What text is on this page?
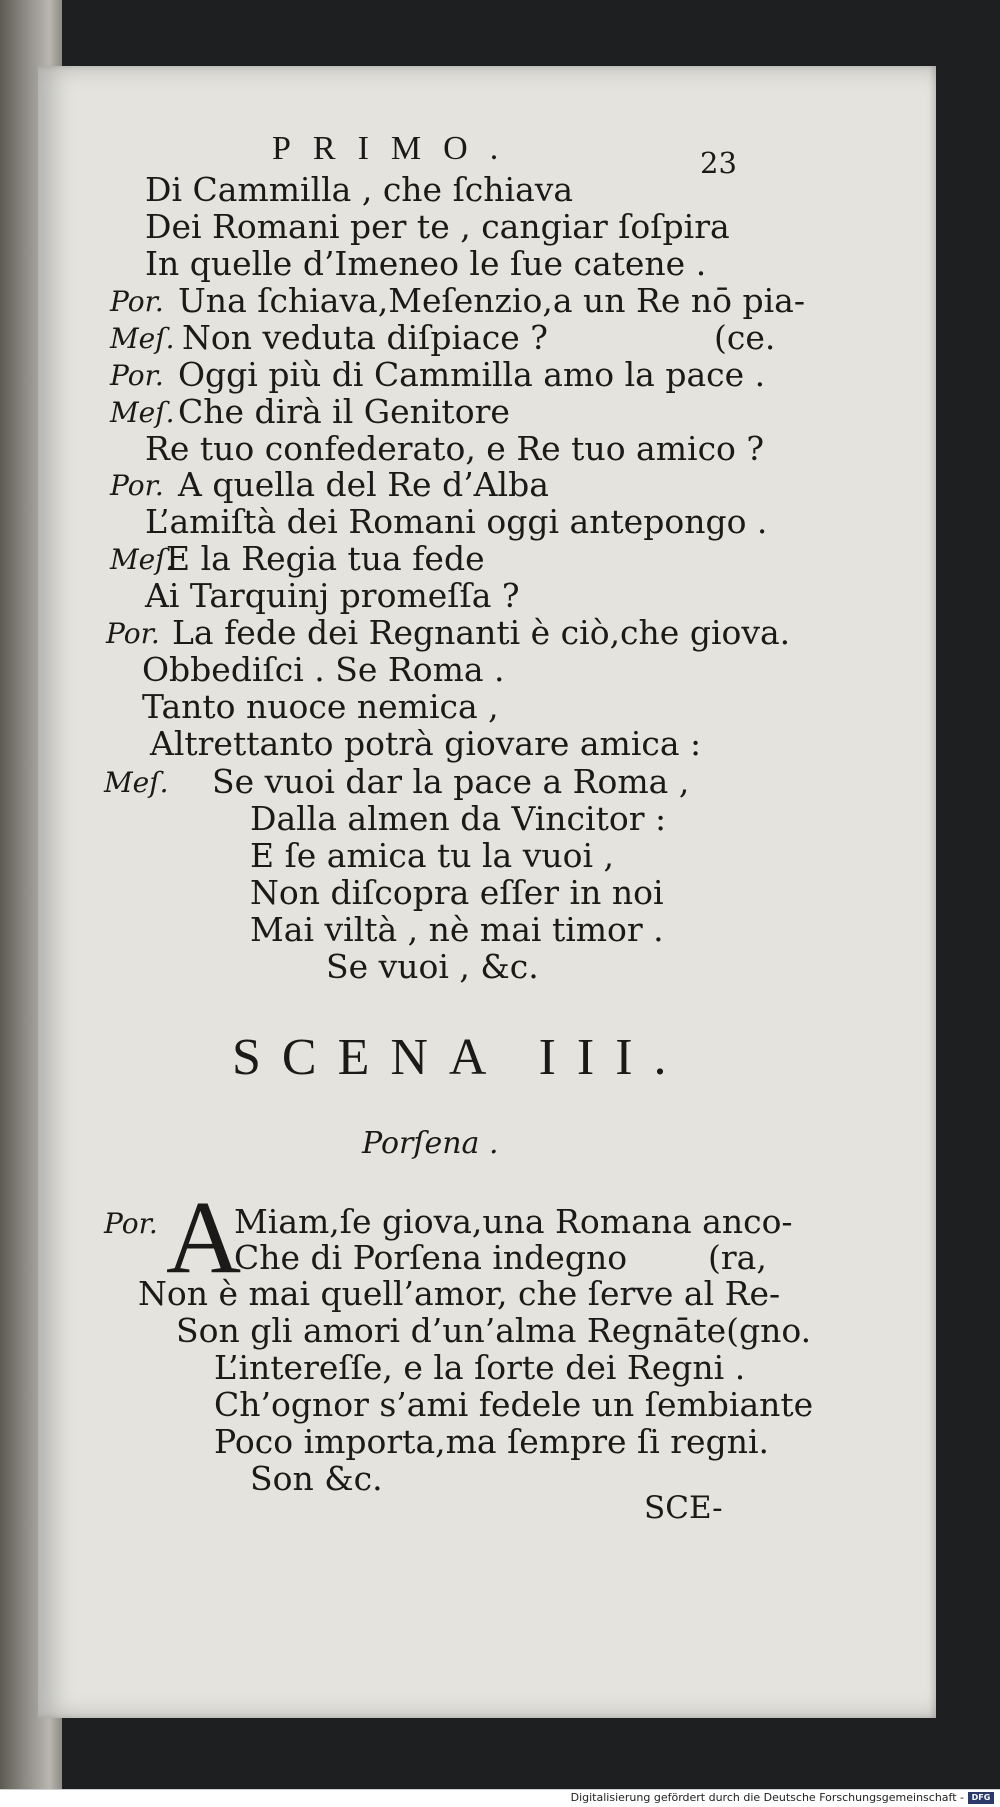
PRIMO.	23
Di Cammilla , che ſchiava
Dei Romani per te , cangiar ſoſpira
In quelle d’Imeneo le ſue catene .
Por. Una ſchiava,Meſenzio,a un Re nō pia-
Meſ. Non veduta diſpiace ?	(ce.
Por. Oggi più di Cammilla amo la pace .
Meſ. Che dirà il Genitore
Re tuo confederato, e Re tuo amico ?
Por. A quella del Re d’Alba
L’amiſtà dei Romani oggi antepongo .
Meſ.
E la Regia tua fede
Ai Tarquinj promeſſa ?
Por. La fede dei Regnanti è ciò,che giova.
Obbediſci . Se Roma .
Tanto nuoce nemica ,
Altrettanto potrà giovare amica :
Meſ. Se vuoi dar la pace a Roma ,
Dalla almen da Vincitor :
E ſe amica tu la vuoi ,
Non diſcopra eſſer in noi
Mai viltà , nè mai timor .
Se vuoi , &c.
SCENA III.
Porſena .
Por. A
Miam,ſe giova,una Romana anco-
Che di Porſena indegno (ra,
Non è mai quell’amor, che ſerve al Re-
Son gli amori d’un’alma Regnāte(gno.
L’intereſſe, e la ſorte dei Regni .
Ch’ognor s’ami fedele un ſembiante
Poco importa,ma ſempre ſi regni.
Son &c.
SCE-
Digitalisierung gefördert durch die Deutsche Forschungsgemeinschaft - DFG
